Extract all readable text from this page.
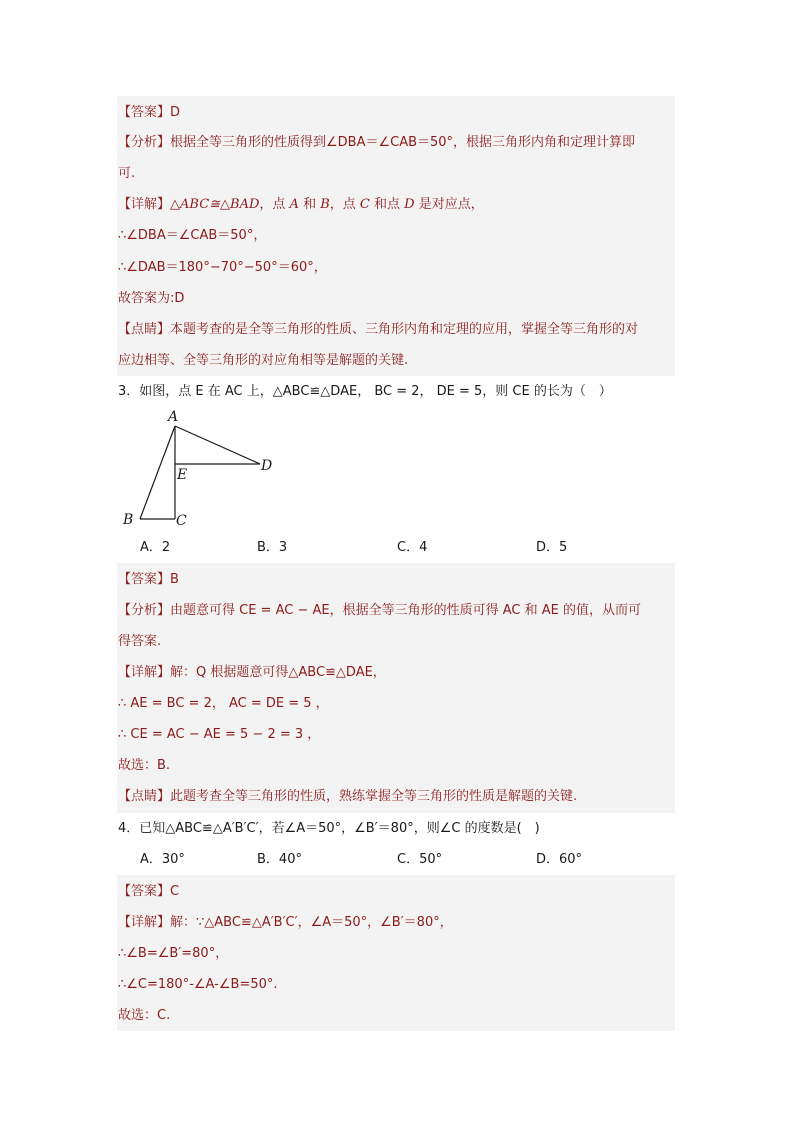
【答案】D
【分析】根据全等三角形的性质得到∠DBA＝∠CAB＝50°，根据三角形内角和定理计算即
可.
【详解】△ABC≅△BAD，点 A 和 B，点 C 和点 D 是对应点，
∴∠DBA＝∠CAB＝50°，
∴∠DAB＝180°−70°−50°＝60°，
故答案为:D
【点睛】本题考查的是全等三角形的性质、三角形内角和定理的应用，掌握全等三角形的对
应边相等、全等三角形的对应角相等是解题的关键.
3．如图，点 E 在 AC 上，△ABC≌△DAE， BC = 2， DE = 5，则 CE 的长为（　）
A
E
D
B	C
A．2	B．3	C．4	D．5
【答案】B
【分析】由题意可得 CE = AC − AE，根据全等三角形的性质可得 AC 和 AE 的值，从而可
得答案.
【详解】解：Q 根据题意可得△ABC≌△DAE，
∴ AE = BC = 2， AC = DE = 5 ，
∴ CE = AC − AE = 5 − 2 = 3 ，
故选：B.
【点睛】此题考查全等三角形的性质，熟练掌握全等三角形的性质是解题的关键.
4．已知△ABC≌△A′B′C′，若∠A＝50°，∠B′＝80°，则∠C 的度数是(　)
A．30°	B．40°	C．50°	D．60°
【答案】C
【详解】解：∵△ABC≌△A′B′C′，∠A＝50°，∠B′＝80°，
∴∠B=∠B′=80°，
∴∠C=180°-∠A-∠B=50°.
故选：C.
